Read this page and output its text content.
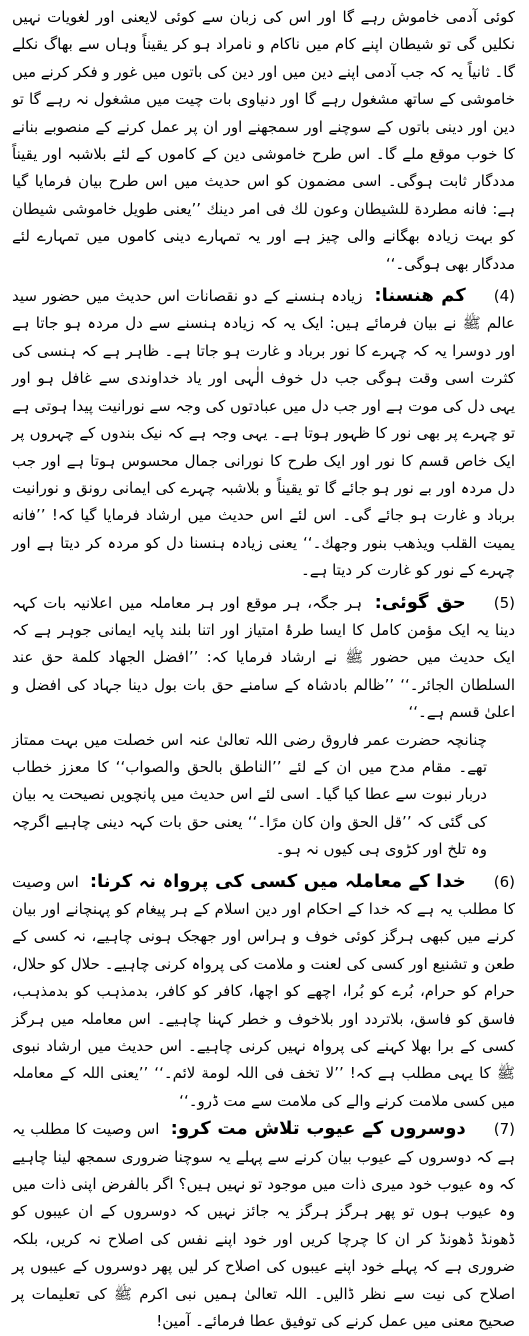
کوئی آدمی خاموش رہے گا اور اس کی زبان سے کوئی لایعنی اور لغویات نہیں نکلیں گی تو شیطان اپنے کام میں ناکام و نامراد ہو کر یقیناً وہاں سے بھاگ نکلے گا۔ ثانیاً یہ کہ جب آدمی اپنے دین میں اور دین کی باتوں میں غور و فکر کرنے میں خاموشی کے ساتھ مشغول رہے گا اور دنیاوی بات چیت میں مشغول نہ رہے گا تو دین اور دینی باتوں کے سوچنے اور سمجھنے اور ان پر عمل کرنے کے منصوبے بنانے کا خوب موقع ملے گا۔ اس طرح خاموشی دین کے کاموں کے لئے بلاشبہ اور یقیناً مددگار ثابت ہوگی۔ اسی مضمون کو اس حدیث میں اس طرح بیان فرمایا گیا ہے: فانه مطردة للشیطان وعون لك فی امر دینك ’’یعنی طویل خاموشی شیطان کو بہت زیادہ بھگانے والی چیز ہے اور یہ تمہارے دینی کاموں میں تمہارے لئے مددگار بھی ہوگی۔‘‘

(4)کم ھنسنا: زیادہ ہنسنے کے دو نقصانات اس حدیث میں حضور سید عالم ﷺ نے بیان فرمائے ہیں: ایک یہ کہ زیادہ ہنسنے سے دل مردہ ہو جاتا ہے اور دوسرا یہ کہ چہرے کا نور برباد و غارت ہو جاتا ہے۔ ظاہر ہے کہ ہنسی کی کثرت اسی وقت ہوگی جب دل خوف الٰہی اور یاد خداوندی سے غافل ہو اور یہی دل کی موت ہے اور جب دل میں عبادتوں کی وجہ سے نورانیت پیدا ہوتی ہے تو چہرے پر بھی نور کا ظہور ہوتا ہے۔ یہی وجہ ہے کہ نیک بندوں کے چہروں پر ایک خاص قسم کا نور اور ایک طرح کا نورانی جمال محسوس ہوتا ہے اور جب دل مردہ اور بے نور ہو جائے گا تو یقیناً و بلاشبہ چہرے کی ایمانی رونق و نورانیت برباد و غارت ہو جائے گی۔ اس لئے اس حدیث میں ارشاد فرمایا گیا کہ! ’’فانه یمیت القلب ویذهب بنور وجهك۔‘‘ یعنی زیادہ ہنسنا دل کو مردہ کر دیتا ہے اور چہرے کے نور کو غارت کر دیتا ہے۔

(5)حق گوئی: ہر جگہ، ہر موقع اور ہر معاملہ میں اعلانیہ بات کہہ دینا یہ ایک مؤمن کامل کا ایسا طرۂ امتیاز اور اتنا بلند پایہ ایمانی جوہر ہے کہ ایک حدیث میں حضور ﷺ نے ارشاد فرمایا کہ: ’’افضل الجهاد کلمة حق عند السلطان الجائر۔‘‘ ’’ظالم بادشاہ کے سامنے حق بات بول دینا جہاد کی افضل و اعلیٰ قسم ہے۔‘‘

چنانچہ حضرت عمر فاروق رضی اللہ تعالیٰ عنہ اس خصلت میں بہت ممتاز تھے۔ مقام مدح میں ان کے لئے ’’الناطق بالحق والصواب‘‘ کا معزز خطاب دربار نبوت سے عطا کیا گیا۔ اسی لئے اس حدیث میں پانچویں نصیحت یہ بیان کی گئی کہ ’’قل الحق وان کان مرًا۔‘‘ یعنی حق بات کہہ دینی چاہیے اگرچہ وہ تلخ اور کڑوی ہی کیوں نہ ہو۔

(6)خدا کے معاملہ میں کسی کی پرواہ نہ کرنا: اس وصیت کا مطلب یہ ہے کہ خدا کے احکام اور دین اسلام کے ہر پیغام کو پہنچانے اور بیان کرنے میں کبھی ہرگز کوئی خوف و ہراس اور جھجک ہونی چاہیے، نہ کسی کے طعن و تشنیع اور کسی کی لعنت و ملامت کی پرواہ کرنی چاہیے۔ حلال کو حلال، حرام کو حرام، بُرے کو بُرا، اچھے کو اچھا، کافر کو کافر، بدمذہب کو بدمذہب، فاسق کو فاسق، بلاتردد اور بلاخوف و خطر کہنا چاہیے۔ اس معاملہ میں ہرگز کسی کے برا بھلا کہنے کی پرواہ نہیں کرنی چاہیے۔ اس حدیث میں ارشاد نبوی ﷺ کا یہی مطلب ہے کہ! ’’لا تخف فی اللہ لومة لائم۔‘‘ ’’یعنی اللہ کے معاملہ میں کسی ملامت کرنے والے کی ملامت سے مت ڈرو۔‘‘

(7)دوسروں کے عیوب تلاش مت کرو: اس وصیت کا مطلب یہ ہے کہ دوسروں کے عیوب بیان کرنے سے پہلے یہ سوچنا ضروری سمجھ لینا چاہیے کہ وہ عیوب خود میری ذات میں موجود تو نہیں ہیں؟ اگر بالفرض اپنی ذات میں وہ عیوب ہوں تو پھر ہرگز ہرگز یہ جائز نہیں کہ دوسروں کے ان عیبوں کو ڈھونڈ ڈھونڈ کر ان کا چرچا کریں اور خود اپنے نفس کی اصلاح نہ کریں، بلکہ ضروری ہے کہ پہلے خود اپنے عیبوں کی اصلاح کر لیں پھر دوسروں کے عیبوں پر اصلاح کی نیت سے نظر ڈالیں۔ اللہ تعالیٰ ہمیں نبی اکرم ﷺ کی تعلیمات پر صحیح معنی میں عمل کرنے کی توفیق عطا فرمائے۔ آمین!
